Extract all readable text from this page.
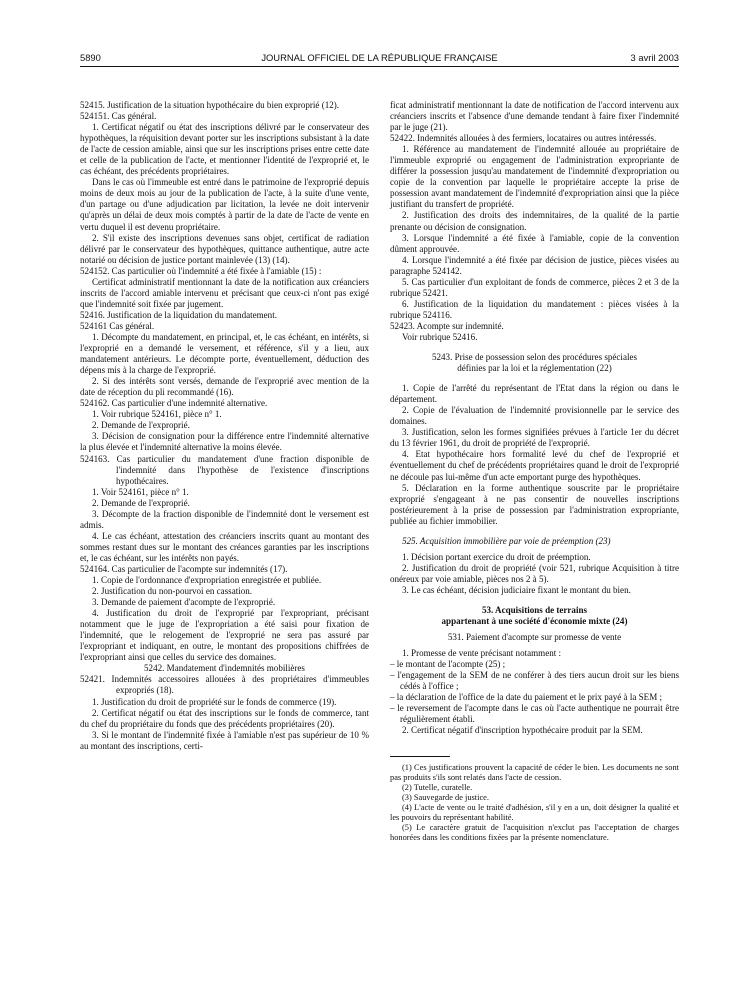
5890	JOURNAL OFFICIEL DE LA RÉPUBLIQUE FRANÇAISE	3 avril 2003

52415. Justification de la situation hypothécaire du bien exproprié (12).

524151. Cas général.

1. Certificat négatif ou état des inscriptions délivré par le conservateur des hypothèques, la réquisition devant porter sur les inscriptions subsistant à la date de l'acte de cession amiable, ainsi que sur les inscriptions prises entre cette date et celle de la publication de l'acte, et mentionner l'identité de l'exproprié et, le cas échéant, des précédents propriétaires.

Dans le cas où l'immeuble est entré dans le patrimoine de l'exproprié depuis moins de deux mois au jour de la publication de l'acte, à la suite d'une vente, d'un partage ou d'une adjudication par licitation, la levée ne doit intervenir qu'après un délai de deux mois comptés à partir de la date de l'acte de vente en vertu duquel il est devenu propriétaire.

2. S'il existe des inscriptions devenues sans objet, certificat de radiation délivré par le conservateur des hypothèques, quittance authentique, autre acte notarié ou décision de justice portant mainlevée (13) (14).

524152. Cas particulier où l'indemnité a été fixée à l'amiable (15) :

Certificat administratif mentionnant la date de la notification aux créanciers inscrits de l'accord amiable intervenu et précisant que ceux-ci n'ont pas exigé que l'indemnité soit fixée par jugement.

52416. Justification de la liquidation du mandatement.

524161 Cas général.

1. Décompte du mandatement, en principal, et, le cas échéant, en intérêts, si l'exproprié en a demandé le versement, et référence, s'il y a lieu, aux mandatement antérieurs. Le décompte porte, éventuellement, déduction des dépens mis à la charge de l'exproprié.

2. Si des intérêts sont versés, demande de l'exproprié avec mention de la date de réception du pli recommandé (16).

524162. Cas particulier d'une indemnité alternative.

1. Voir rubrique 524161, pièce n° 1.

2. Demande de l'exproprié.

3. Décision de consignation pour la différence entre l'indemnité alternative la plus élevée et l'indemnité alternative la moins élevée.

524163. Cas particulier du mandatement d'une fraction disponible de l'indemnité dans l'hypothèse de l'existence d'inscriptions hypothécaires.

1. Voir 524161, pièce n° 1.

2. Demande de l'exproprié.

3. Décompte de la fraction disponible de l'indemnité dont le versement est admis.

4. Le cas échéant, attestation des créanciers inscrits quant au montant des sommes restant dues sur le montant des créances garanties par les inscriptions et, le cas échéant, sur les intérêts non payés.

524164. Cas particulier de l'acompte sur indemnités (17).

1. Copie de l'ordonnance d'expropriation enregistrée et publiée.

2. Justification du non-pourvoi en cassation.

3. Demande de paiement d'acompte de l'exproprié.

4. Justification du droit de l'exproprié par l'expropriant, précisant notamment que le juge de l'expropriation a été saisi pour fixation de l'indemnité, que le relogement de l'exproprié ne sera pas assuré par l'expropriant et indiquant, en outre, le montant des propositions chiffrées de l'expropriant ainsi que celles du service des domaines.

5242. Mandatement d'indemnités mobilières

52421. Indemnités accessoires allouées à des propriétaires d'immeubles expropriés (18).

1. Justification du droit de propriété sur le fonds de commerce (19).

2. Certificat négatif ou état des inscriptions sur le fonds de commerce, tant du chef du propriétaire du fonds que des précédents propriétaires (20).

3. Si le montant de l'indemnité fixée à l'amiable n'est pas supérieur de 10 % au montant des inscriptions, certi-

ficat administratif mentionnant la date de notification de l'accord intervenu aux créanciers inscrits et l'absence d'une demande tendant à faire fixer l'indemnité par le juge (21).

52422. Indemnités allouées à des fermiers, locataires ou autres intéressés.

1. Référence au mandatement de l'indemnité allouée au propriétaire de l'immeuble exproprié ou engagement de l'administration expropriante de différer la possession jusqu'au mandatement de l'indemnité d'expropriation ou copie de la convention par laquelle le propriétaire accepte la prise de possession avant mandatement de l'indemnité d'expropriation ainsi que la pièce justifiant du transfert de propriété.

2. Justification des droits des indemnitaires, de la qualité de la partie prenante ou décision de consignation.

3. Lorsque l'indemnité a été fixée à l'amiable, copie de la convention dûment approuvée.

4. Lorsque l'indemnité a été fixée par décision de justice, pièces visées au paragraphe 524142.

5. Cas particulier d'un exploitant de fonds de commerce, pièces 2 et 3 de la rubrique 52421.

6. Justification de la liquidation du mandatement : pièces visées à la rubrique 524116.

52423. Acompte sur indemnité.

Voir rubrique 52416.

5243. Prise de possession selon des procédures spéciales définies par la loi et la réglementation (22)

1. Copie de l'arrêté du représentant de l'Etat dans la région ou dans le département.

2. Copie de l'évaluation de l'indemnité provisionnelle par le service des domaines.

3. Justification, selon les formes signifiées prévues à l'article 1er du décret du 13 février 1961, du droit de propriété de l'exproprié.

4. Etat hypothécaire hors formalité levé du chef de l'exproprié et éventuellement du chef de précédents propriétaires quand le droit de l'exproprié ne découle pas lui-même d'un acte emportant purge des hypothèques.

5. Déclaration en la forme authentique souscrite par le propriétaire exproprié s'engageant à ne pas consentir de nouvelles inscriptions postérieurement à la prise de possession par l'administration expropriante, publiée au fichier immobilier.

525. Acquisition immobilière par voie de préemption (23)

1. Décision portant exercice du droit de préemption.

2. Justification du droit de propriété (voir 521, rubrique Acquisition à titre onéreux par voie amiable, pièces nos 2 à 5).

3. Le cas échéant, décision judiciaire fixant le montant du bien.

53. Acquisitions de terrains

appartenant à une société d'économie mixte (24)

531. Paiement d'acompte sur promesse de vente

1. Promesse de vente précisant notamment :

– le montant de l'acompte (25) ;

– l'engagement de la SEM de ne conférer à des tiers aucun droit sur les biens cédés à l'office ;

– la déclaration de l'office de la date du paiement et le prix payé à la SEM ;

– le reversement de l'acompte dans le cas où l'acte authentique ne pourrait être régulièrement établi.

2. Certificat négatif d'inscription hypothécaire produit par la SEM.

(1) Ces justifications prouvent la capacité de céder le bien. Les documents ne sont pas produits s'ils sont relatés dans l'acte de cession.

(2) Tutelle, curatelle.

(3) Sauvegarde de justice.

(4) L'acte de vente ou le traité d'adhésion, s'il y en a un, doit désigner la qualité et les pouvoirs du représentant habilité.

(5) Le caractère gratuit de l'acquisition n'exclut pas l'acceptation de charges honorées dans les conditions fixées par la présente nomenclature.
